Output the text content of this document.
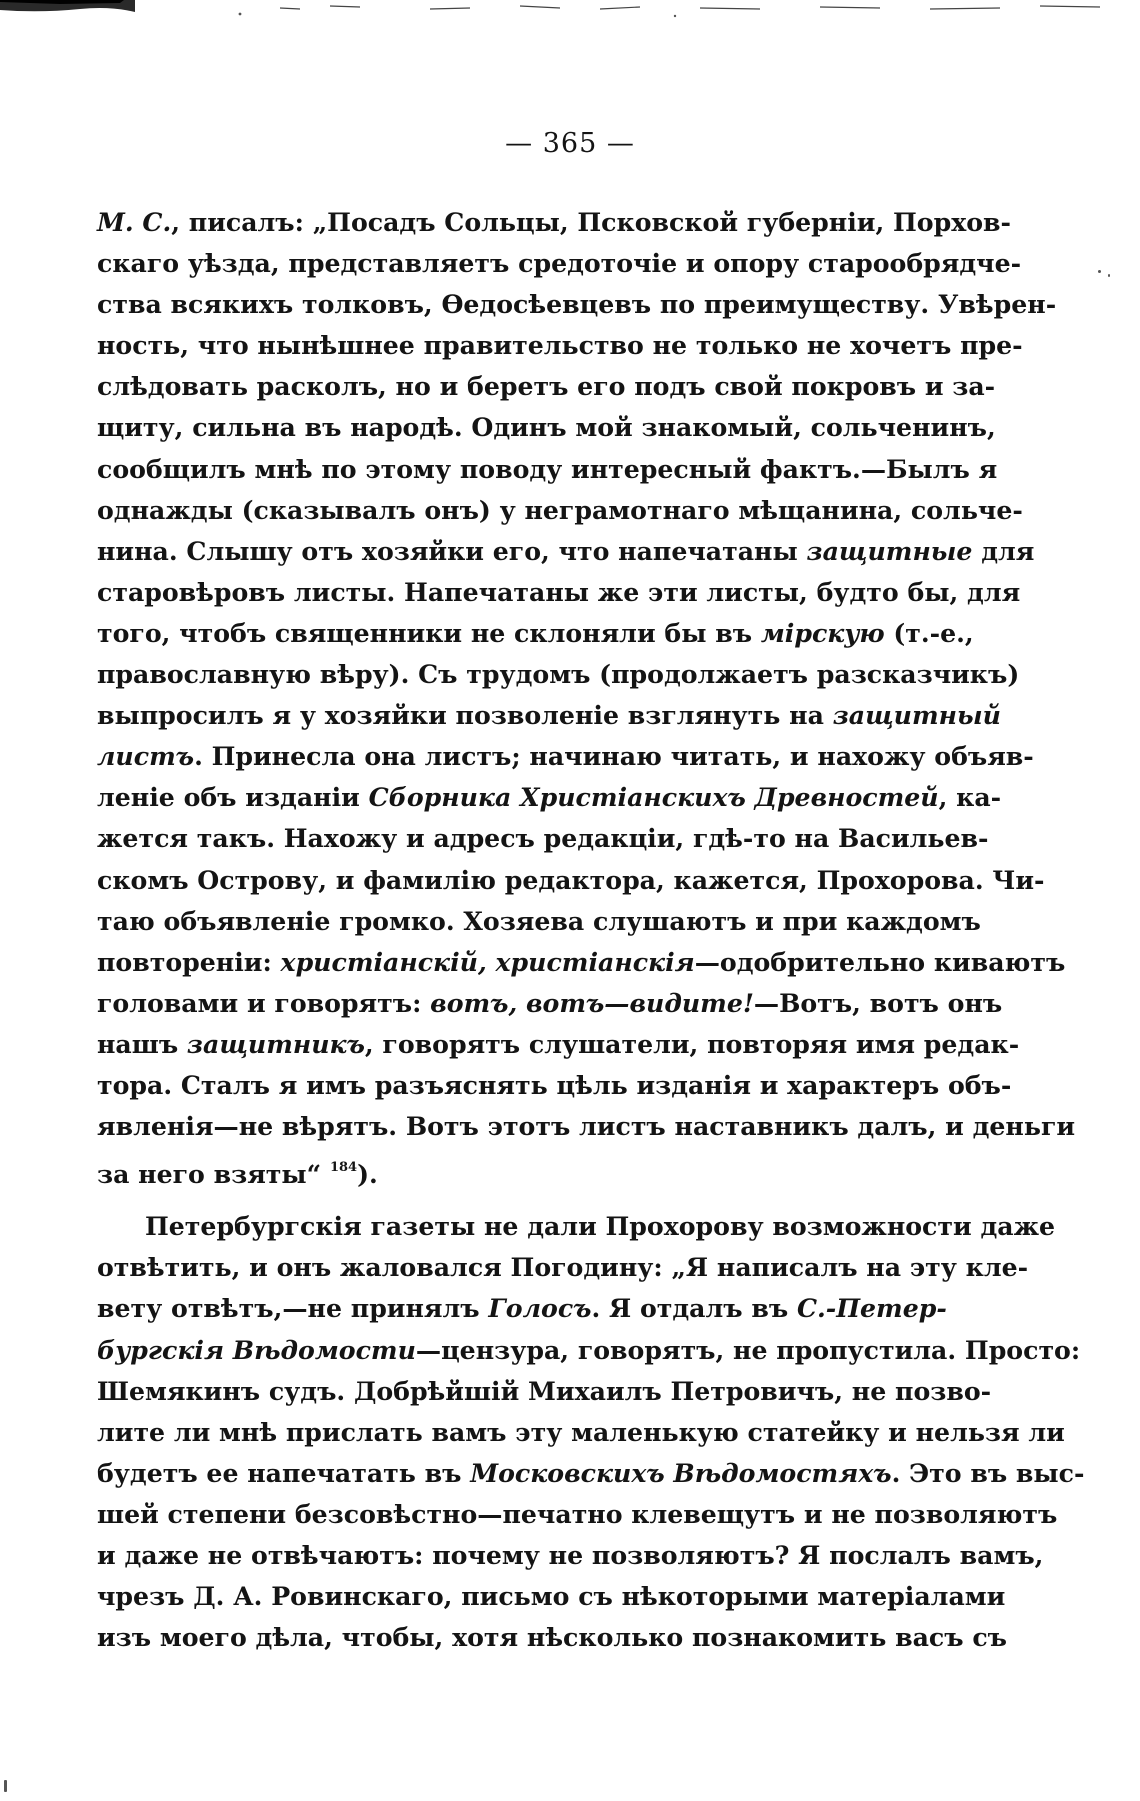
— 365 —
М. С., писалъ: „Посадъ Сольцы, Псковской губерніи, Порхов-
скаго уѣзда, представляетъ средоточіе и опору старообрядче-
ства всякихъ толковъ, Ѳедосѣевцевъ по преимуществу. Увѣрен-
ность, что нынѣшнее правительство не только не хочетъ пре-
слѣдовать расколъ, но и беретъ его подъ свой покровъ и за-
щиту, сильна въ народѣ. Одинъ мой знакомый, сольченинъ,
сообщилъ мнѣ по этому поводу интересный фактъ.—Былъ я
однажды (сказывалъ онъ) у неграмотнаго мѣщанина, сольче-
нина. Слышу отъ хозяйки его, что напечатаны защитные для
старовѣровъ листы. Напечатаны же эти листы, будто бы, для
того, чтобъ священники не склоняли бы въ мірскую (т.-е.,
православную вѣру). Съ трудомъ (продолжаетъ разсказчикъ)
выпросилъ я у хозяйки позволеніе взглянуть на защитный
листъ. Принесла она листъ; начинаю читать, и нахожу объяв-
леніе объ изданіи Сборника Христіанскихъ Древностей, ка-
жется такъ. Нахожу и адресъ редакціи, гдѣ-то на Васильев-
скомъ Острову, и фамилію редактора, кажется, Прохорова. Чи-
таю объявленіе громко. Хозяева слушаютъ и при каждомъ
повтореніи: христіанскій, христіанскія—одобрительно киваютъ
головами и говорятъ: вотъ, вотъ—видите!—Вотъ, вотъ онъ
нашъ защитникъ, говорятъ слушатели, повторяя имя редак-
тора. Сталъ я имъ разъяснять цѣль изданія и характеръ объ-
явленія—не вѣрятъ. Вотъ этотъ листъ наставникъ далъ, и деньги
за него взяты“ $^{184}$).
Петербургскія газеты не дали Прохорову возможности даже
отвѣтить, и онъ жаловался Погодину: „Я написалъ на эту кле-
вету отвѣтъ,—не принялъ Голосъ. Я отдалъ въ С.-Петер-
бургскія Вѣдомости—цензура, говорятъ, не пропустила. Просто:
Шемякинъ судъ. Добрѣйшій Михаилъ Петровичъ, не позво-
лите ли мнѣ прислать вамъ эту маленькую статейку и нельзя ли
будетъ ее напечатать въ Московскихъ Вѣдомостяхъ. Это въ выс-
шей степени безсовѣстно—печатно клевещутъ и не позволяютъ
и даже не отвѣчаютъ: почему не позволяютъ? Я послалъ вамъ,
чрезъ Д. А. Ровинскаго, письмо съ нѣкоторыми матеріалами
изъ моего дѣла, чтобы, хотя нѣсколько познакомить васъ съ
